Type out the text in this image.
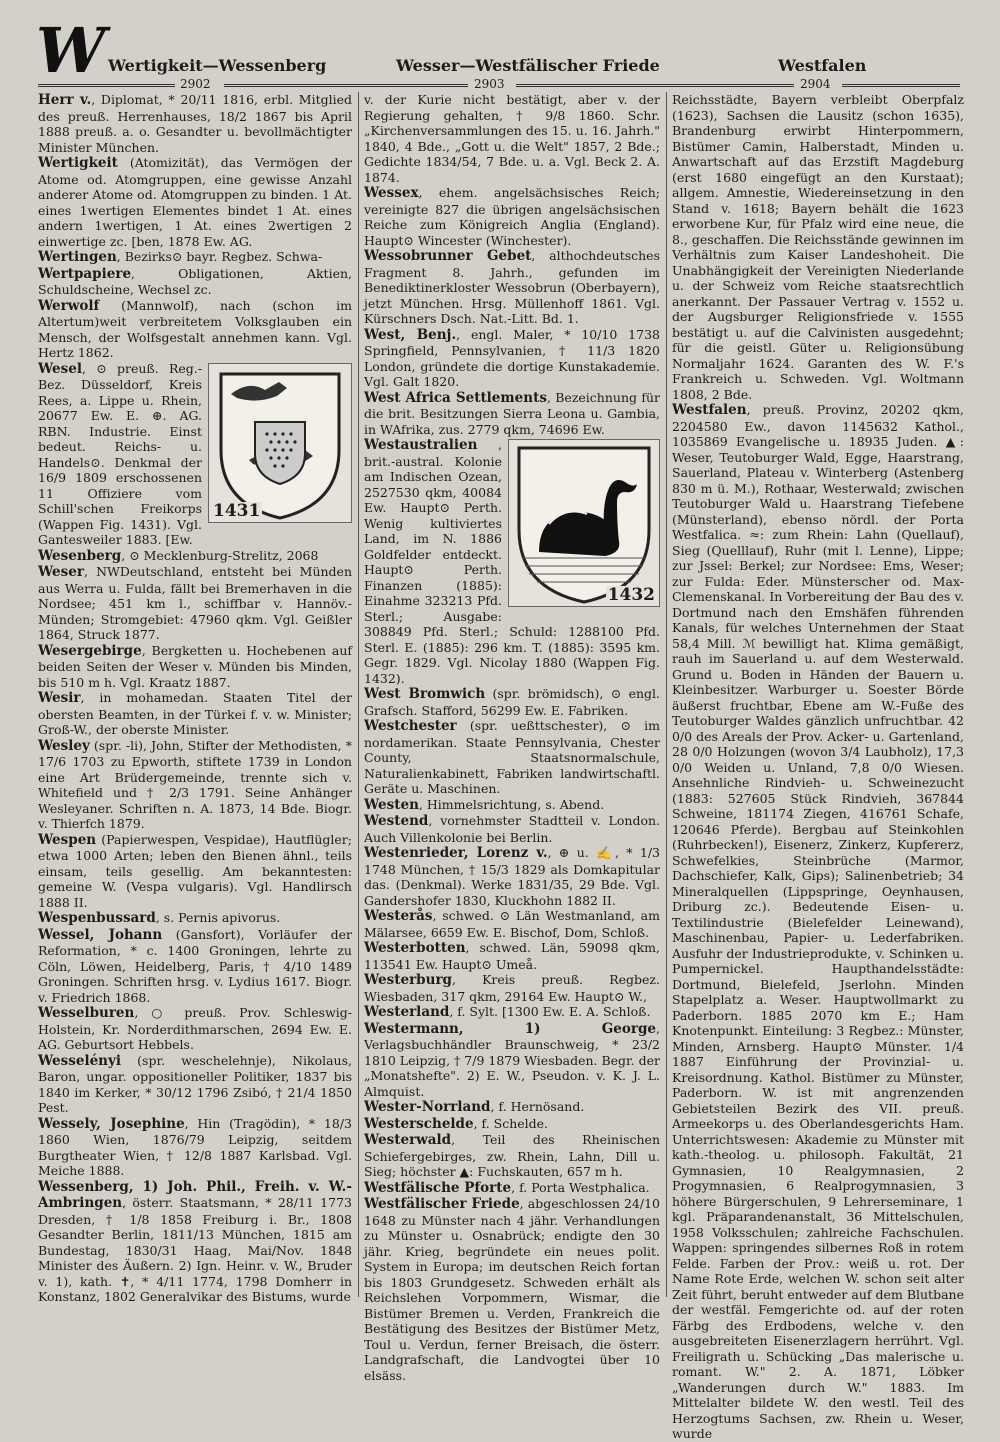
W Wertigkeit—Wessenberg	Wesser—Westfälischer Friede	Westfalen
2902	2903	2904

Herr v., Diplomat, * 20/11 1816, erbl. Mitglied des preuß. Herrenhauses, 18/2 1867 bis April 1888 preuß. a. o. Gesandter u. bevollmächtigter Minister München.

Wertigkeit (Atomizität), das Vermögen der Atome od. Atomgruppen, eine gewisse Anzahl anderer Atome od. Atomgruppen zu binden. 1 At. eines 1wertigen Elementes bindet 1 At. eines andern 1wertigen, 1 At. eines 2wertigen 2 einwertige zc. [ben, 1878 Ew. AG.

Wertingen, Bezirks⊙ bayr. Regbez. Schwa-

Wertpapiere, Obligationen, Aktien, Schuldscheine, Wechsel zc.

Werwolf (Mannwolf), nach (schon im Altertum)weit verbreitetem Volksglauben ein Mensch, der Wolfsgestalt annehmen kann. Vgl. Hertz 1862.

1431

Wesel, ⊙ preuß. Reg.-Bez. Düsseldorf, Kreis Rees, a. Lippe u. Rhein, 20677 Ew. E. ⊕. AG. RBN. Industrie. Einst bedeut. Reichs- u. Handels⊙. Denkmal der 16/9 1809 erschossenen 11 Offiziere vom Schill'schen Freikorps (Wappen Fig. 1431). Vgl. Gantesweiler 1883. [Ew.

Wesenberg, ⊙ Mecklenburg-Strelitz, 2068

Weser, NWDeutschland, entsteht bei Münden aus Werra u. Fulda, fällt bei Bremerhaven in die Nordsee; 451 km l., schiffbar v. Hannöv.-Münden; Stromgebiet: 47960 qkm. Vgl. Geißler 1864, Struck 1877.

Wesergebirge, Bergketten u. Hochebenen auf beiden Seiten der Weser v. Münden bis Minden, bis 510 m h. Vgl. Kraatz 1887.

Wesir, in mohamedan. Staaten Titel der obersten Beamten, in der Türkei f. v. w. Minister; Groß-W., der oberste Minister.

Wesley (spr. -li), John, Stifter der Methodisten, * 17/6 1703 zu Epworth, stiftete 1739 in London eine Art Brüdergemeinde, trennte sich v. Whitefield und † 2/3 1791. Seine Anhänger Wesleyaner. Schriften n. A. 1873, 14 Bde. Biogr. v. Thierfch 1879.

Wespen (Papierwespen, Vespidae), Hautflügler; etwa 1000 Arten; leben den Bienen ähnl., teils einsam, teils gesellig. Am bekanntesten: gemeine W. (Vespa vulgaris). Vgl. Handlirsch 1888 II.

Wespenbussard, s. Pernis apivorus.

Wessel, Johann (Gansfort), Vorläufer der Reformation, * c. 1400 Groningen, lehrte zu Cöln, Löwen, Heidelberg, Paris, † 4/10 1489 Groningen. Schriften hrsg. v. Lydius 1617. Biogr. v. Friedrich 1868.

Wesselburen, ○ preuß. Prov. Schleswig-Holstein, Kr. Norderdithmarschen, 2694 Ew. E. AG. Geburtsort Hebbels.

Wesselényi (spr. weschelehnje), Nikolaus, Baron, ungar. oppositioneller Politiker, 1837 bis 1840 im Kerker, * 30/12 1796 Zsibó, † 21/4 1850 Pest.

Wessely, Josephine, Hin (Tragödin), * 18/3 1860 Wien, 1876/79 Leipzig, seitdem Burgtheater Wien, † 12/8 1887 Karlsbad. Vgl. Meiche 1888.

Wessenberg, 1) Joh. Phil., Freih. v. W.-Ambringen, österr. Staatsmann, * 28/11 1773 Dresden, † 1/8 1858 Freiburg i. Br., 1808 Gesandter Berlin, 1811/13 München, 1815 am Bundestag, 1830/31 Haag, Mai/Nov. 1848 Minister des Äußern. 2) Ign. Heinr. v. W., Bruder v. 1), kath. ✝, * 4/11 1774, 1798 Domherr in Konstanz, 1802 Generalvikar des Bistums, wurde

v. der Kurie nicht bestätigt, aber v. der Regierung gehalten, † 9/8 1860. Schr. „Kirchenversammlungen des 15. u. 16. Jahrh." 1840, 4 Bde., „Gott u. die Welt" 1857, 2 Bde.; Gedichte 1834/54, 7 Bde. u. a. Vgl. Beck 2. A. 1874.

Wessex, ehem. angelsächsisches Reich; vereinigte 827 die übrigen angelsächsischen Reiche zum Königreich Anglia (England). Haupt⊙ Wincester (Winchester).

Wessobrunner Gebet, althochdeutsches Fragment 8. Jahrh., gefunden im Benediktinerkloster Wessobrun (Oberbayern), jetzt München. Hrsg. Müllenhoff 1861. Vgl. Kürschners Dsch. Nat.-Litt. Bd. 1.

West, Benj., engl. Maler, * 10/10 1738 Springfield, Pennsylvanien, † 11/3 1820 London, gründete die dortige Kunstakademie. Vgl. Galt 1820.

West Africa Settlements, Bezeichnung für die brit. Besitzungen Sierra Leona u. Gambia, in WAfrika, zus. 2779 qkm, 74696 Ew.

Westaustralien
1432
, brit.-austral. Kolonie am Indischen Ozean, 2527530 qkm, 40084 Ew. Haupt⊙ Perth. Wenig kultiviertes Land, im N. 1886 Goldfelder entdeckt. Haupt⊙ Perth. Finanzen (1885): Einahme 323213 Pfd. Sterl.; Ausgabe: 308849 Pfd. Sterl.; Schuld: 1288100 Pfd. Sterl. E. (1885): 296 km. T. (1885): 3595 km. Gegr. 1829. Vgl. Nicolay 1880 (Wappen Fig. 1432).

West Bromwich (spr. brömidsch), ⊙ engl. Grafsch. Stafford, 56299 Ew. E. Fabriken.

Westchester (spr. ueßttschester), ⊙ im nordamerikan. Staate Pennsylvania, Chester County, Staatsnormalschule, Naturalienkabinett, Fabriken landwirtschaftl. Geräte u. Maschinen.

Westen, Himmelsrichtung, s. Abend.

Westend, vornehmster Stadtteil v. London. Auch Villenkolonie bei Berlin.

Westenrieder, Lorenz v., ⊕ u. ✍, * 1/3 1748 München, † 15/3 1829 als Domkapitular das. (Denkmal). Werke 1831/35, 29 Bde. Vgl. Gandershofer 1830, Kluckhohn 1882 II.

Westerås, schwed. ⊙ Län Westmanland, am Mälarsee, 6659 Ew. E. Bischof, Dom, Schloß.

Westerbotten, schwed. Län, 59098 qkm, 113541 Ew. Haupt⊙ Umeå.

Westerburg, Kreis preuß. Regbez. Wiesbaden, 317 qkm, 29164 Ew. Haupt⊙ W.,

Westerland, f. Sylt. [1300 Ew. E. A. Schloß.

Westermann, 1) George, Verlagsbuchhändler Braunschweig, * 23/2 1810 Leipzig, † 7/9 1879 Wiesbaden. Begr. der „Monatshefte". 2) E. W., Pseudon. v. K. J. L. Almquist.

Wester-Norrland, f. Hernösand.

Westerschelde, f. Schelde.

Westerwald, Teil des Rheinischen Schiefergebirges, zw. Rhein, Lahn, Dill u. Sieg; höchster ▲: Fuchskauten, 657 m h.

Westfälische Pforte, f. Porta Westphalica.

Westfälischer Friede, abgeschlossen 24/10 1648 zu Münster nach 4 jähr. Verhandlungen zu Münster u. Osnabrück; endigte den 30 jähr. Krieg, begründete ein neues polit. System in Europa; im deutschen Reich fortan bis 1803 Grundgesetz. Schweden erhält als Reichslehen Vorpommern, Wismar, die Bistümer Bremen u. Verden, Frankreich die Bestätigung des Besitzes der Bistümer Metz, Toul u. Verdun, ferner Breisach, die österr. Landgrafschaft, die Landvogtei über 10 elsäss.

Reichsstädte, Bayern verbleibt Oberpfalz (1623), Sachsen die Lausitz (schon 1635), Brandenburg erwirbt Hinterpommern, Bistümer Camin, Halberstadt, Minden u. Anwartschaft auf das Erzstift Magdeburg (erst 1680 eingefügt an den Kurstaat); allgem. Amnestie, Wiedereinsetzung in den Stand v. 1618; Bayern behält die 1623 erworbene Kur, für Pfalz wird eine neue, die 8., geschaffen. Die Reichsstände gewinnen im Verhältnis zum Kaiser Landeshoheit. Die Unabhängigkeit der Vereinigten Niederlande u. der Schweiz vom Reiche staatsrechtlich anerkannt. Der Passauer Vertrag v. 1552 u. der Augsburger Religionsfriede v. 1555 bestätigt u. auf die Calvinisten ausgedehnt; für die geistl. Güter u. Religionsübung Normaljahr 1624. Garanten des W. F.'s Frankreich u. Schweden. Vgl. Woltmann 1808, 2 Bde.

Westfalen, preuß. Provinz, 20202 qkm, 2204580 Ew., davon 1145632 Kathol., 1035869 Evangelische u. 18935 Juden. ▲: Weser, Teutoburger Wald, Egge, Haarstrang, Sauerland, Plateau v. Winterberg (Astenberg 830 m ü. M.), Rothaar, Westerwald; zwischen Teutoburger Wald u. Haarstrang Tiefebene (Münsterland), ebenso nördl. der Porta Westfalica. ≈: zum Rhein: Lahn (Quellauf), Sieg (Quelllauf), Ruhr (mit l. Lenne), Lippe; zur Jssel: Berkel; zur Nordsee: Ems, Weser; zur Fulda: Eder. Münsterscher od. Max-Clemenskanal. In Vorbereitung der Bau des v. Dortmund nach den Emshäfen führenden Kanals, für welches Unternehmen der Staat 58,4 Mill. ℳ bewilligt hat. Klima gemäßigt, rauh im Sauerland u. auf dem Westerwald. Grund u. Boden in Händen der Bauern u. Kleinbesitzer. Warburger u. Soester Börde äußerst fruchtbar, Ebene am W.-Fuße des Teutoburger Waldes gänzlich unfruchtbar. 42 0/0 des Areals der Prov. Acker- u. Gartenland, 28 0/0 Holzungen (wovon 3/4 Laubholz), 17,3 0/0 Weiden u. Unland, 7,8 0/0 Wiesen. Ansehnliche Rindvieh- u. Schweinezucht (1883: 527605 Stück Rindvieh, 367844 Schweine, 181174 Ziegen, 416761 Schafe, 120646 Pferde). Bergbau auf Steinkohlen (Ruhrbecken!), Eisenerz, Zinkerz, Kupfererz, Schwefelkies, Steinbrüche (Marmor, Dachschiefer, Kalk, Gips); Salinenbetrieb; 34 Mineralquellen (Lippspringe, Oeynhausen, Driburg zc.). Bedeutende Eisen- u. Textilindustrie (Bielefelder Leinewand), Maschinenbau, Papier- u. Lederfabriken. Ausfuhr der Industrieprodukte, v. Schinken u. Pumpernickel. Haupthandelsstädte: Dortmund, Bielefeld, Jserlohn. Minden Stapelplatz a. Weser. Hauptwollmarkt zu Paderborn. 1885 2070 km E.; Ham Knotenpunkt. Einteilung: 3 Regbez.: Münster, Minden, Arnsberg. Haupt⊙ Münster. 1/4 1887 Einführung der Provinzial- u. Kreisordnung. Kathol. Bistümer zu Münster, Paderborn. W. ist mit angrenzenden Gebietsteilen Bezirk des VII. preuß. Armeekorps u. des Oberlandesgerichts Ham. Unterrichtswesen: Akademie zu Münster mit kath.-theolog. u. philosoph. Fakultät, 21 Gymnasien, 10 Realgymnasien, 2 Progymnasien, 6 Realprogymnasien, 3 höhere Bürgerschulen, 9 Lehrerseminare, 1 kgl. Präparandenanstalt, 36 Mittelschulen, 1958 Volksschulen; zahlreiche Fachschulen. Wappen: springendes silbernes Roß in rotem Felde. Farben der Prov.: weiß u. rot. Der Name Rote Erde, welchen W. schon seit alter Zeit führt, beruht entweder auf dem Blutbane der westfäl. Femgerichte od. auf der roten Färbg des Erdbodens, welche v. den ausgebreiteten Eisenerzlagern herrührt. Vgl. Freiligrath u. Schücking „Das malerische u. romant. W." 2. A. 1871, Löbker „Wanderungen durch W." 1883. Im Mittelalter bildete W. den westl. Teil des Herzogtums Sachsen, zw. Rhein u. Weser, wurde
